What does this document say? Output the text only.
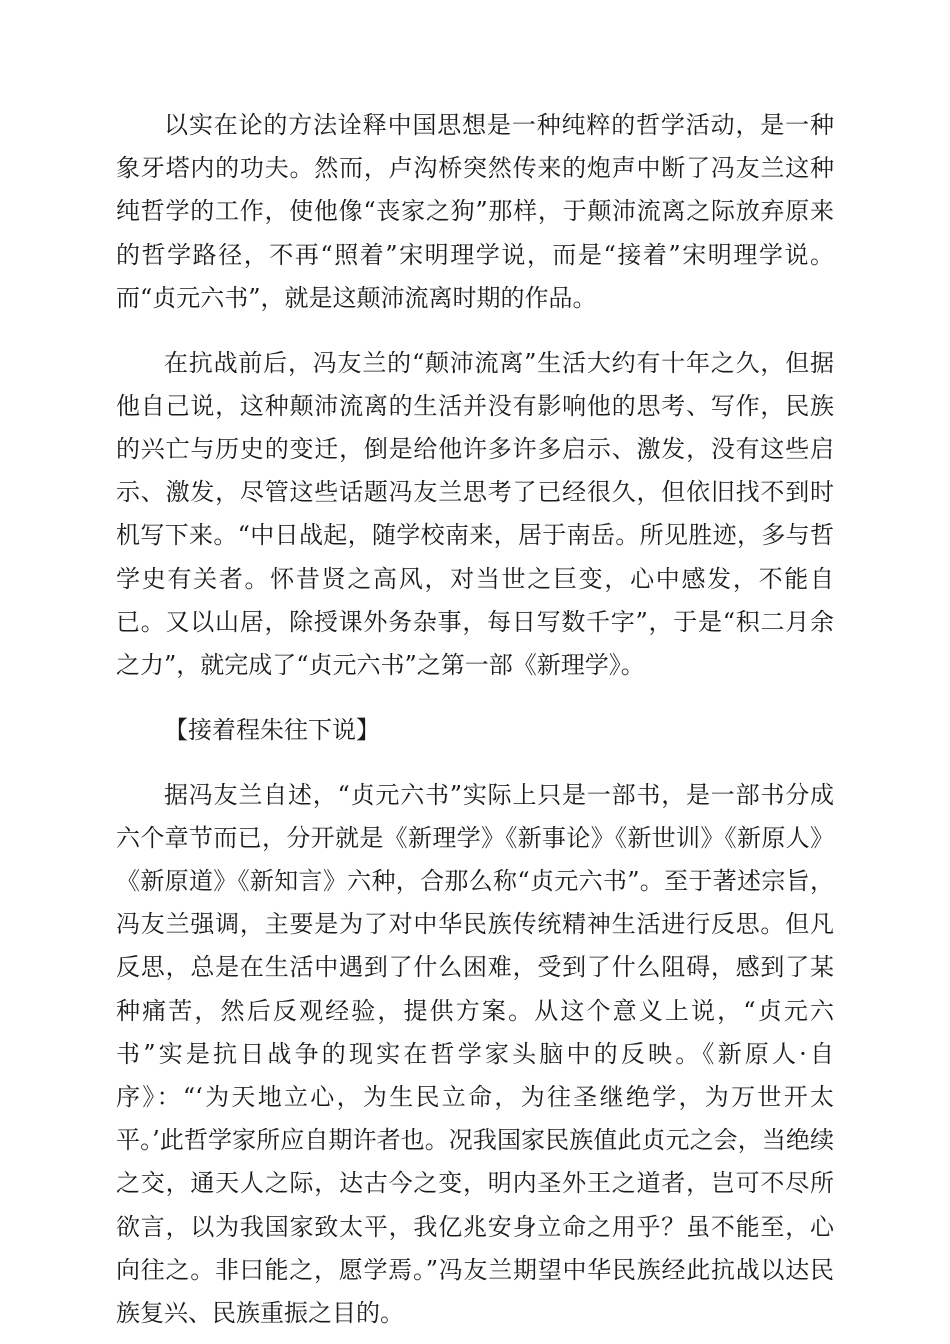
以实在论的方法诠释中国思想是一种纯粹的哲学活动，是一种象牙塔内的功夫。然而，卢沟桥突然传来的炮声中断了冯友兰这种纯哲学的工作，使他像“丧家之狗”那样，于颠沛流离之际放弃原来的哲学路径，不再“照着”宋明理学说，而是“接着”宋明理学说。而“贞元六书”，就是这颠沛流离时期的作品。

在抗战前后，冯友兰的“颠沛流离”生活大约有十年之久，但据他自己说，这种颠沛流离的生活并没有影响他的思考、写作，民族的兴亡与历史的变迁，倒是给他许多许多启示、激发，没有这些启示、激发，尽管这些话题冯友兰思考了已经很久，但依旧找不到时机写下来。“中日战起，随学校南来，居于南岳。所见胜迹，多与哲学史有关者。怀昔贤之高风，对当世之巨变，心中感发，不能自已。又以山居，除授课外务杂事，每日写数千字”，于是“积二月余之力”，就完成了“贞元六书”之第一部《新理学》。

【接着程朱往下说】

据冯友兰自述，“贞元六书”实际上只是一部书，是一部书分成六个章节而已，分开就是《新理学》《新事论》《新世训》《新原人》《新原道》《新知言》六种，合那么称“贞元六书”。至于著述宗旨，冯友兰强调，主要是为了对中华民族传统精神生活进行反思。但凡反思，总是在生活中遇到了什么困难，受到了什么阻碍，感到了某种痛苦，然后反观经验，提供方案。从这个意义上说，“贞元六书”实是抗日战争的现实在哲学家头脑中的反映。《新原人·自序》：“‘为天地立心，为生民立命，为往圣继绝学，为万世开太平。’此哲学家所应自期许者也。况我国家民族值此贞元之会，当绝续之交，通天人之际，达古今之变，明内圣外王之道者，岂可不尽所欲言，以为我国家致太平，我亿兆安身立命之用乎？虽不能至，心向往之。非曰能之，愿学焉。”冯友兰期望中华民族经此抗战以达民族复兴、民族重振之目的。
